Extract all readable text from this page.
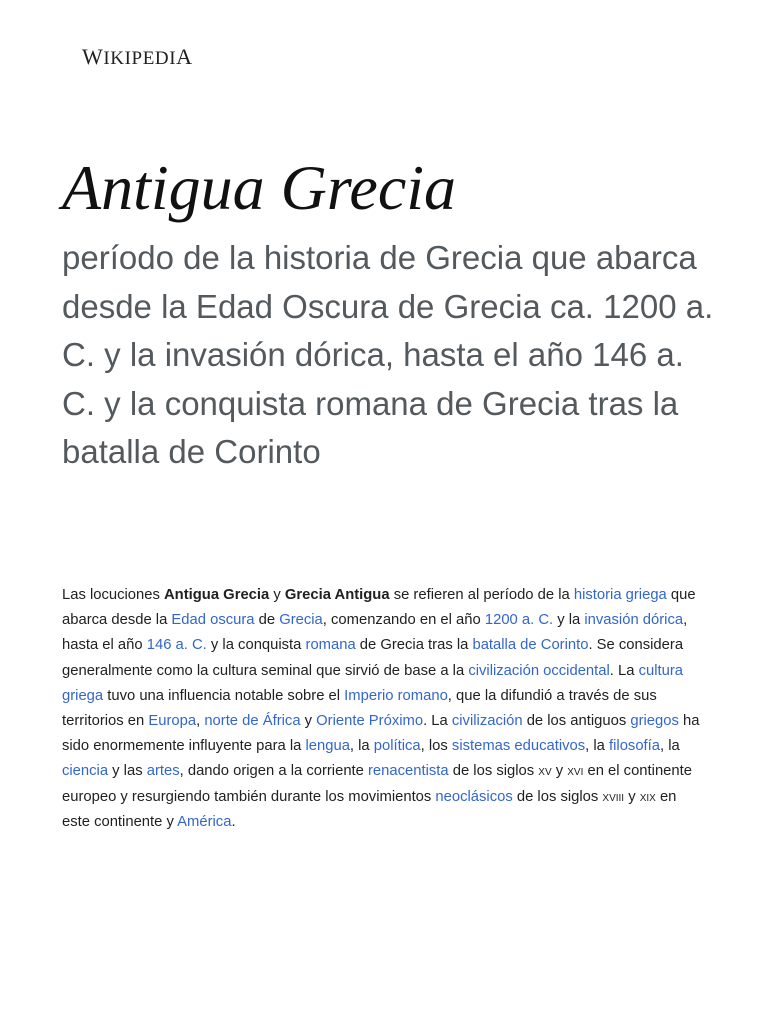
WIKIPEDIA
Antigua Grecia

período de la historia de Grecia que abarca desde la Edad Oscura de Grecia ca. 1200 a. C. y la invasión dórica, hasta el año 146 a. C. y la conquista romana de Grecia tras la batalla de Corinto

Las locuciones Antigua Grecia y Grecia Antigua se refieren al período de la historia griega que abarca desde la Edad oscura de Grecia, comenzando en el año 1200 a. C. y la invasión dórica, hasta el año 146 a. C. y la conquista romana de Grecia tras la batalla de Corinto. Se considera generalmente como la cultura seminal que sirvió de base a la civilización occidental. La cultura griega tuvo una influencia notable sobre el Imperio romano, que la difundió a través de sus territorios en Europa, norte de África y Oriente Próximo. La civilización de los antiguos griegos ha sido enormemente influyente para la lengua, la política, los sistemas educativos, la filosofía, la ciencia y las artes, dando origen a la corriente renacentista de los siglos xv y xvi en el continente europeo y resurgiendo también durante los movimientos neoclásicos de los siglos xviii y xix en este continente y América.
